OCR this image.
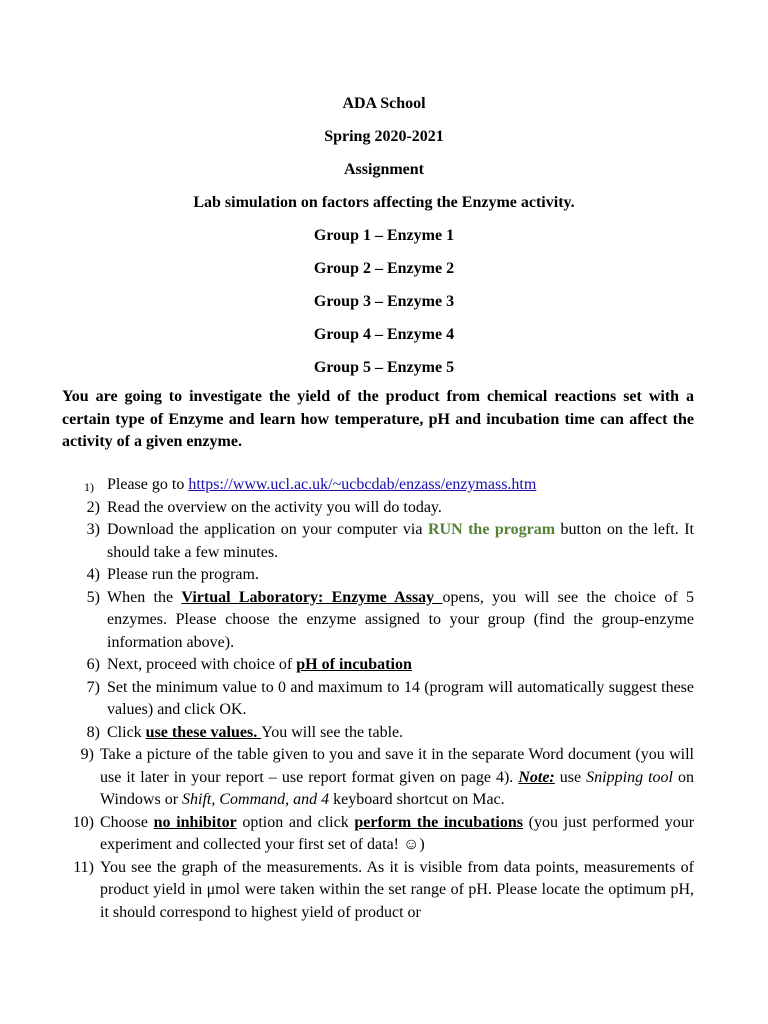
ADA School
Spring 2020-2021
Assignment
Lab simulation on factors affecting the Enzyme activity.
Group 1 – Enzyme 1
Group 2 – Enzyme 2
Group 3 – Enzyme 3
Group 4 – Enzyme 4
Group 5 – Enzyme 5
You are going to investigate the yield of the product from chemical reactions set with a certain type of Enzyme and learn how temperature, pH and incubation time can affect the activity of a given enzyme.
1) Please go to https://www.ucl.ac.uk/~ucbcdab/enzass/enzymass.htm
2) Read the overview on the activity you will do today.
3) Download the application on your computer via RUN the program button on the left. It should take a few minutes.
4) Please run the program.
5) When the Virtual Laboratory: Enzyme Assay opens, you will see the choice of 5 enzymes. Please choose the enzyme assigned to your group (find the group-enzyme information above).
6) Next, proceed with choice of pH of incubation
7) Set the minimum value to 0 and maximum to 14 (program will automatically suggest these values) and click OK.
8) Click use these values. You will see the table.
9) Take a picture of the table given to you and save it in the separate Word document (you will use it later in your report – use report format given on page 4). Note: use Snipping tool on Windows or Shift, Command, and 4 keyboard shortcut on Mac.
10) Choose no inhibitor option and click perform the incubations (you just performed your experiment and collected your first set of data! ☺)
11) You see the graph of the measurements. As it is visible from data points, measurements of product yield in μmol were taken within the set range of pH. Please locate the optimum pH, it should correspond to highest yield of product or
